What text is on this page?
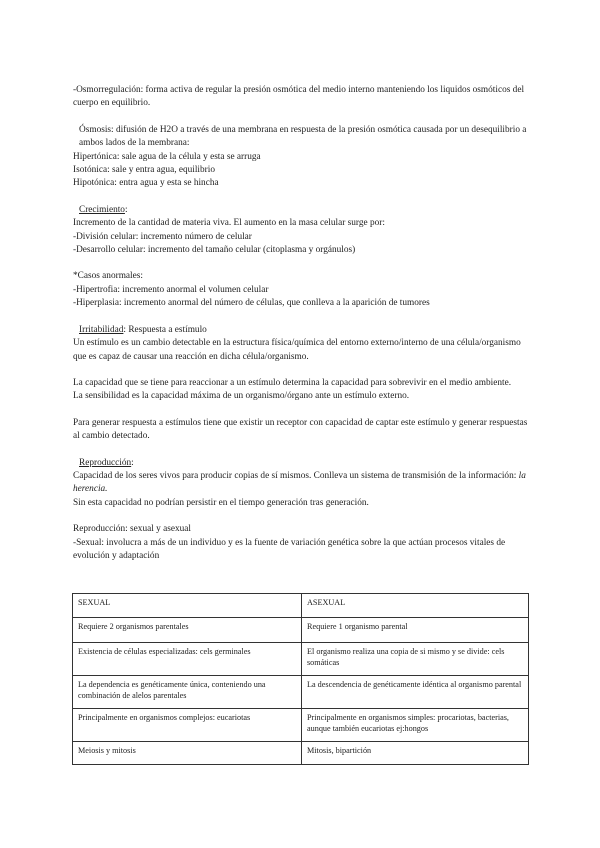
-Osmorregulación: forma activa de regular la presión osmótica del medio interno manteniendo los liquidos osmóticos del cuerpo en equilibrio.

Ósmosis: difusión de H2O a través de una membrana en respuesta de la presión osmótica causada por un desequilibrio a ambos lados de la membrana:

Hipertónica: sale agua de la célula y esta se arruga

Isotónica: sale y entra agua, equilibrio

Hipotónica: entra agua y esta se hincha

Crecimiento:

Incremento de la cantidad de materia viva. El aumento en la masa celular surge por:

-División celular: incremento número de celular

-Desarrollo celular: incremento del tamaño celular (citoplasma y orgánulos)

*Casos anormales:

-Hipertrofia: incremento anormal el volumen celular

-Hiperplasia: incremento anormal del número de células, que conlleva a la aparición de tumores

Irritabilidad: Respuesta a estímulo

Un estímulo es un cambio detectable en la estructura física/química del entorno externo/interno de una célula/organismo que es capaz de causar una reacción en dicha célula/organismo.

La capacidad que se tiene para reaccionar a un estímulo determina la capacidad para sobrevivir en el medio ambiente.

La sensibilidad es la capacidad máxima de un organismo/órgano ante un estímulo externo.

Para generar respuesta a estímulos tiene que existir un receptor con capacidad de captar este estímulo y generar respuestas al cambio detectado.

Reproducción:

Capacidad de los seres vivos para producir copias de sí mismos. Conlleva un sistema de transmisión de la información: la herencia.

Sin esta capacidad no podrían persistir en el tiempo generación tras generación.

Reproducción: sexual y asexual

-Sexual: involucra a más de un individuo y es la fuente de variación genética sobre la que actúan procesos vitales de evolución y adaptación

SEXUAL	ASEXUAL
Requiere 2 organismos parentales	Requiere 1 organismo parental
Existencia de células especializadas: cels germinales	El organismo realiza una copia de si mismo y se divide: cels somáticas
La dependencia es genéticamente única, conteniendo una combinación de alelos parentales	La descendencia de genéticamente idéntica al organismo parental
Principalmente en organismos complejos: eucariotas	Principalmente en organismos simples: procariotas, bacterias, aunque también eucariotas ej:hongos
Meiosis y mitosis	Mitosis, bipartición
